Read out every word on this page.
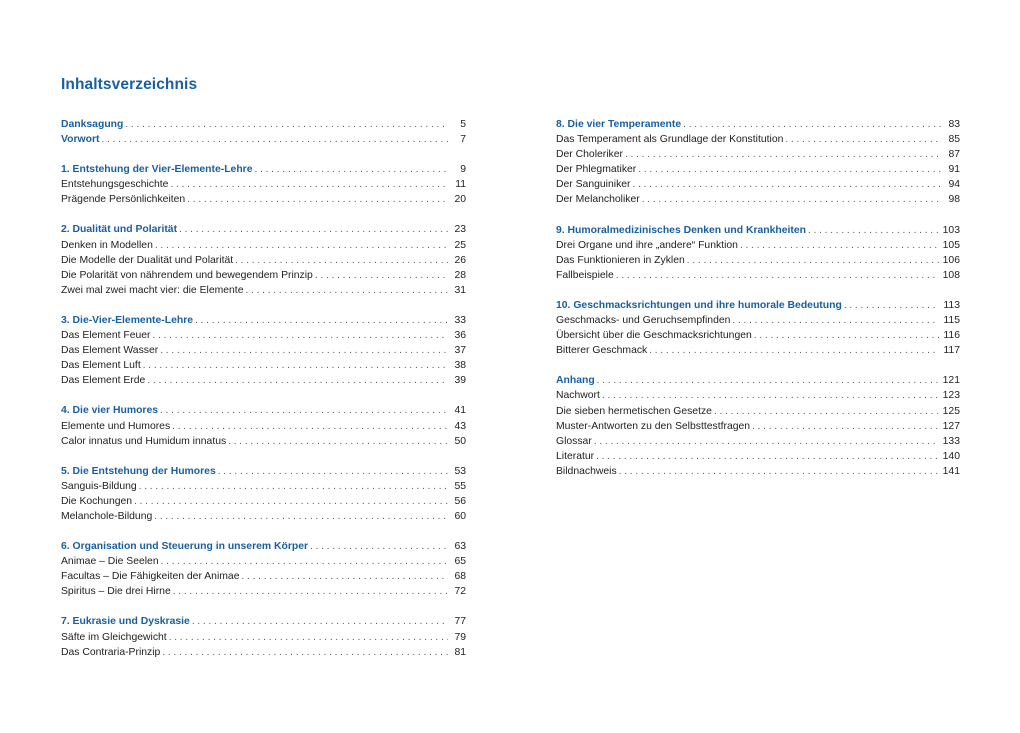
Inhaltsverzeichnis
Danksagung . . .	5
Vorwort . . .	7
1. Entstehung der Vier-Elemente-Lehre . . .	9
Entstehungsgeschichte . . .	11
Prägende Persönlichkeiten . . .	20
2. Dualität und Polarität . . .	23
Denken in Modellen . . .	25
Die Modelle der Dualität und Polarität . . .	26
Die Polarität von nährendem und bewegendem Prinzip . . .	28
Zwei mal zwei macht vier: die Elemente . . .	31
3. Die-Vier-Elemente-Lehre . . .	33
Das Element Feuer . . .	36
Das Element Wasser . . .	37
Das Element Luft . . .	38
Das Element Erde . . .	39
4. Die vier Humores . . .	41
Elemente und Humores . . .	43
Calor innatus und Humidum innatus . . .	50
5. Die Entstehung der Humores . . .	53
Sanguis-Bildung . . .	55
Die Kochungen . . .	56
Melanchole-Bildung . . .	60
6. Organisation und Steuerung in unserem Körper . . .	63
Animae – Die Seelen . . .	65
Facultas – Die Fähigkeiten der Animae . . .	68
Spiritus – Die drei Hirne . . .	72
7. Eukrasie und Dyskrasie . . .	77
Säfte im Gleichgewicht . . .	79
Das Contraria-Prinzip . . .	81
8. Die vier Temperamente . . .	83
Das Temperament als Grundlage der Konstitution . . .	85
Der Choleriker . . .	87
Der Phlegmatiker . . .	91
Der Sanguiniker . . .	94
Der Melancholiker . . .	98
9. Humoralmedizinisches Denken und Krankheiten . . .	103
Drei Organe und ihre „andere“ Funktion . . .	105
Das Funktionieren in Zyklen . . .	106
Fallbeispiele . . .	108
10. Geschmacksrichtungen und ihre humorale Bedeutung . . .	113
Geschmacks- und Geruchsempfinden . . .	115
Übersicht über die Geschmacksrichtungen . . .	116
Bitterer Geschmack . . .	117
Anhang . . .	121
Nachwort . . .	123
Die sieben hermetischen Gesetze . . .	125
Muster-Antworten zu den Selbsttestfragen . . .	127
Glossar . . .	133
Literatur . . .	140
Bildnachweis . . .	141
